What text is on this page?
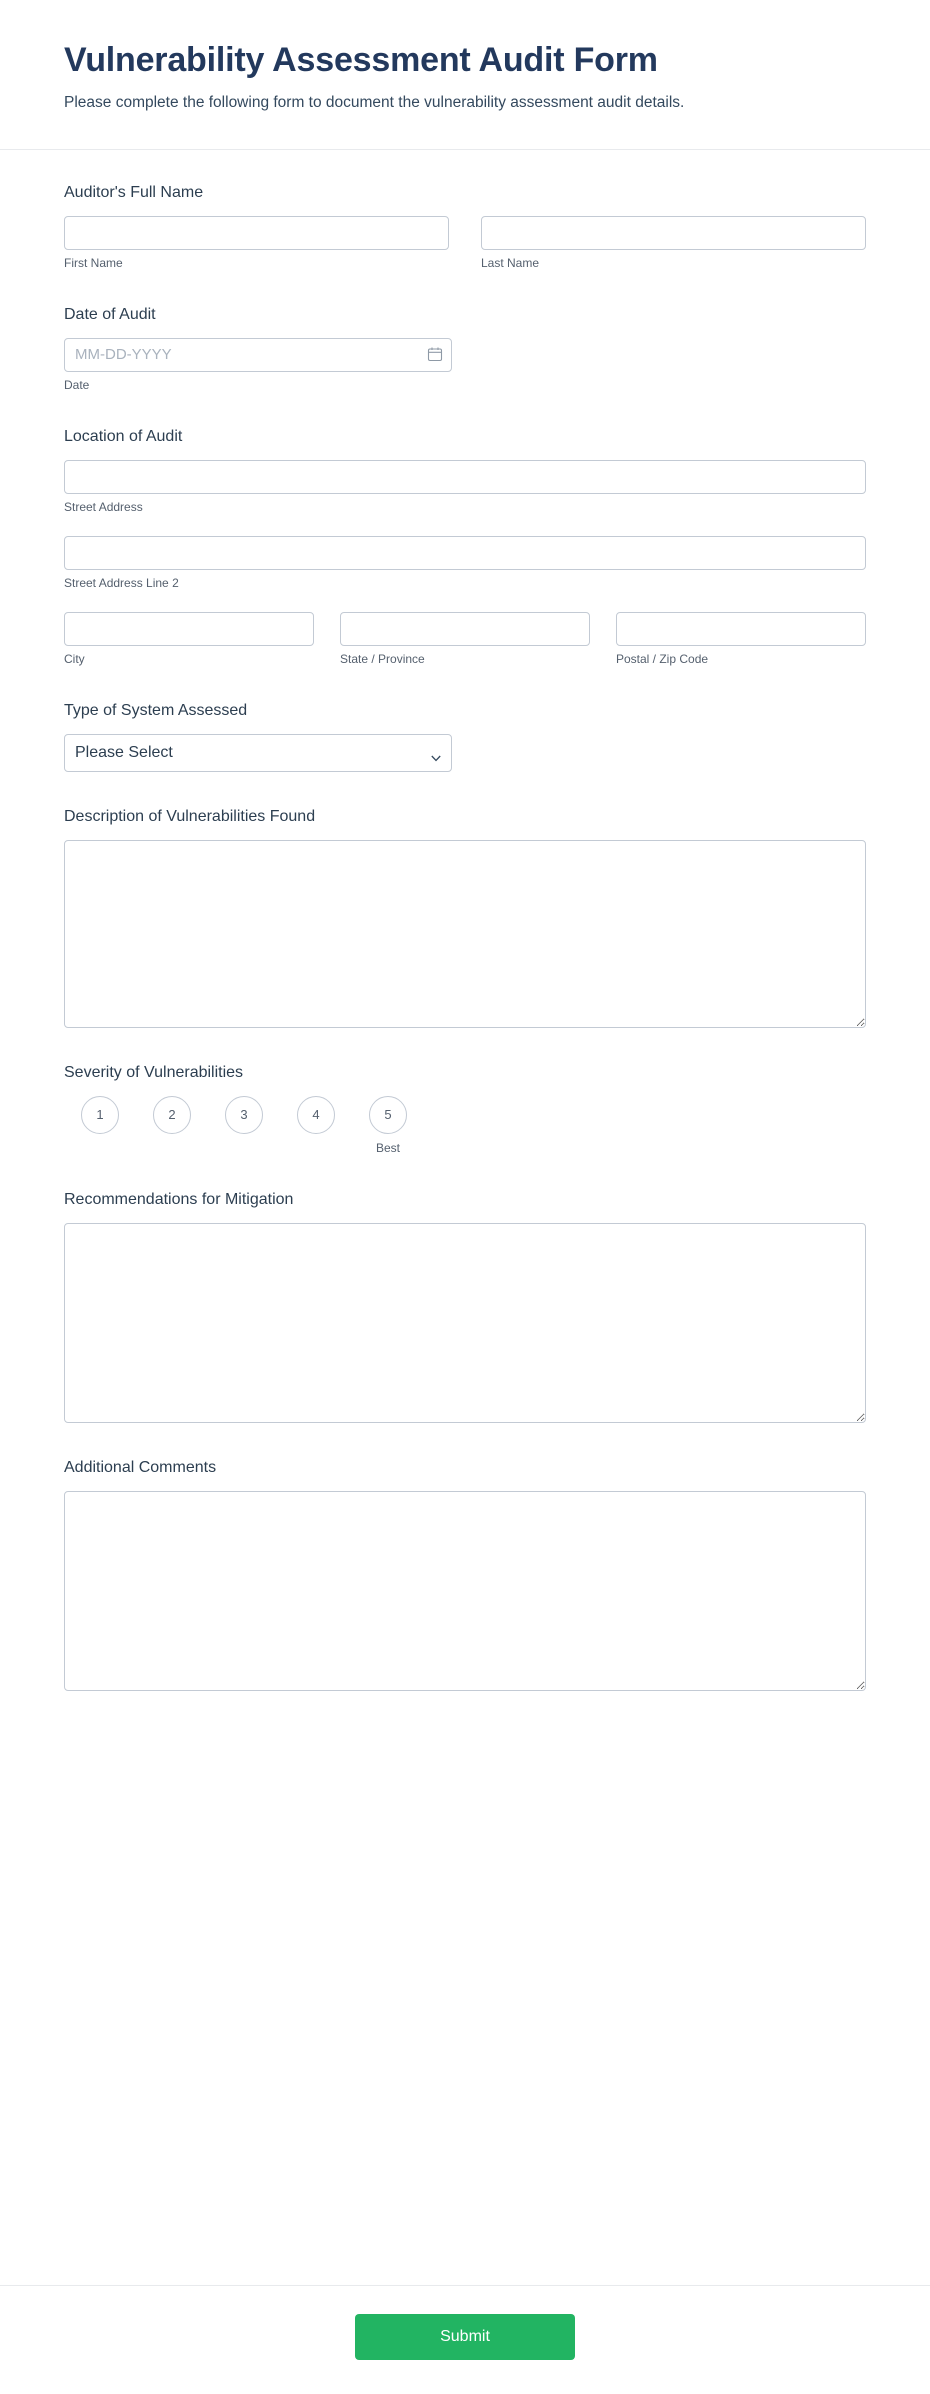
Vulnerability Assessment Audit Form

Please complete the following form to document the vulnerability assessment audit details.

Auditor's Full Name
First Name	Last Name
Date of Audit
MM-DD-YYYY
Date
Location of Audit
Street Address
Street Address Line 2
City	State / Province	Postal / Zip Code
Type of System Assessed
Please Select
Description of Vulnerabilities Found
Severity of Vulnerabilities
1	2	3	4	5
Best
Recommendations for Mitigation
Additional Comments
Submit
